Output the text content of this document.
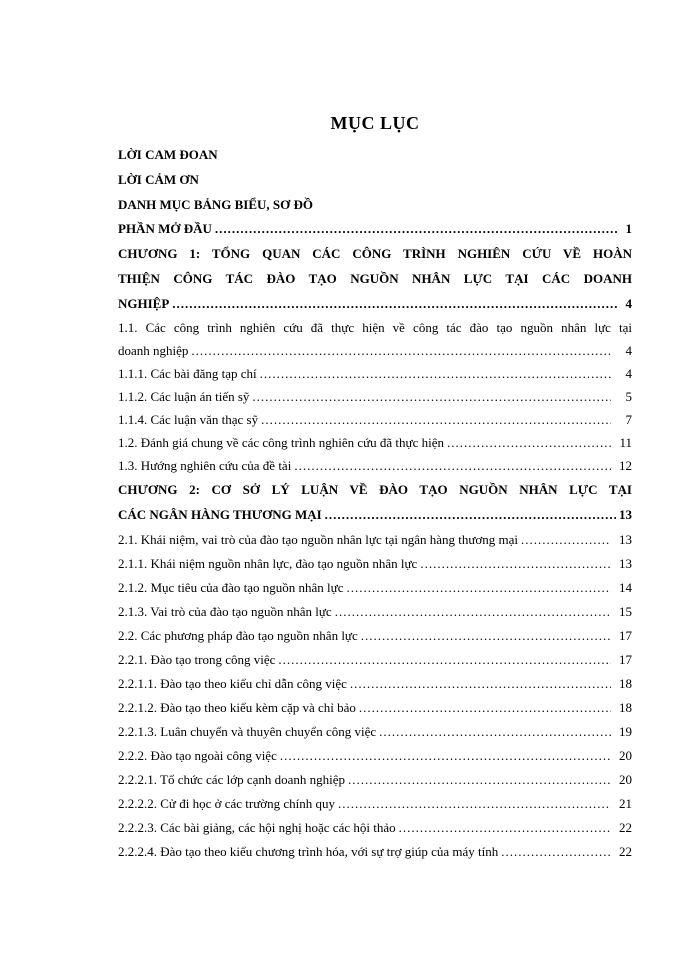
MỤC LỤC
LỜI CAM ĐOAN
LỜI CẢM ƠN
DANH MỤC BẢNG BIỂU, SƠ ĐỒ
PHẦN MỞ ĐẦU .....	1
CHƯƠNG 1: TỔNG QUAN CÁC CÔNG TRÌNH NGHIÊN CỨU VỀ HOÀN
THIỆN CÔNG TÁC ĐÀO TẠO NGUỒN NHÂN LỰC TẠI CÁC DOANH
NGHIỆP .....	4
1.1. Các công trình nghiên cứu đã thực hiện về công tác đào tạo nguồn nhân lực tại
doanh nghiệp .....	4
1.1.1. Các bài đăng tạp chí .....	4
1.1.2. Các luận án tiến sỹ .....	5
1.1.4. Các luận văn thạc sỹ .....	7
1.2. Đánh giá chung về các công trình nghiên cứu đã thực hiện .....	11
1.3. Hướng nghiên cứu của đề tài .....	12
CHƯƠNG 2: CƠ SỞ LÝ LUẬN VỀ ĐÀO TẠO NGUỒN NHÂN LỰC TẠI
CÁC NGÂN HÀNG THƯƠNG MẠI .....	13
2.1. Khái niệm, vai trò của đào tạo nguồn nhân lực tại ngân hàng thương mại .....	13
2.1.1. Khái niệm nguồn nhân lực, đào tạo nguồn nhân lực .....	13
2.1.2. Mục tiêu của đào tạo nguồn nhân lực .....	14
2.1.3. Vai trò của đào tạo nguồn nhân lực .....	15
2.2. Các phương pháp đào tạo nguồn nhân lực .....	17
2.2.1. Đào tạo trong công việc .....	17
2.2.1.1. Đào tạo theo kiểu chỉ dẫn công việc .....	18
2.2.1.2. Đào tạo theo kiểu kèm cặp và chỉ bảo .....	18
2.2.1.3. Luân chuyển và thuyên chuyển công việc .....	19
2.2.2. Đào tạo ngoài công việc .....	20
2.2.2.1. Tổ chức các lớp cạnh doanh nghiệp .....	20
2.2.2.2. Cử đi học ở các trường chính quy .....	21
2.2.2.3. Các bài giảng, các hội nghị hoặc các hội thảo .....	22
2.2.2.4. Đào tạo theo kiểu chương trình hóa, với sự trợ giúp của máy tính .....	22
